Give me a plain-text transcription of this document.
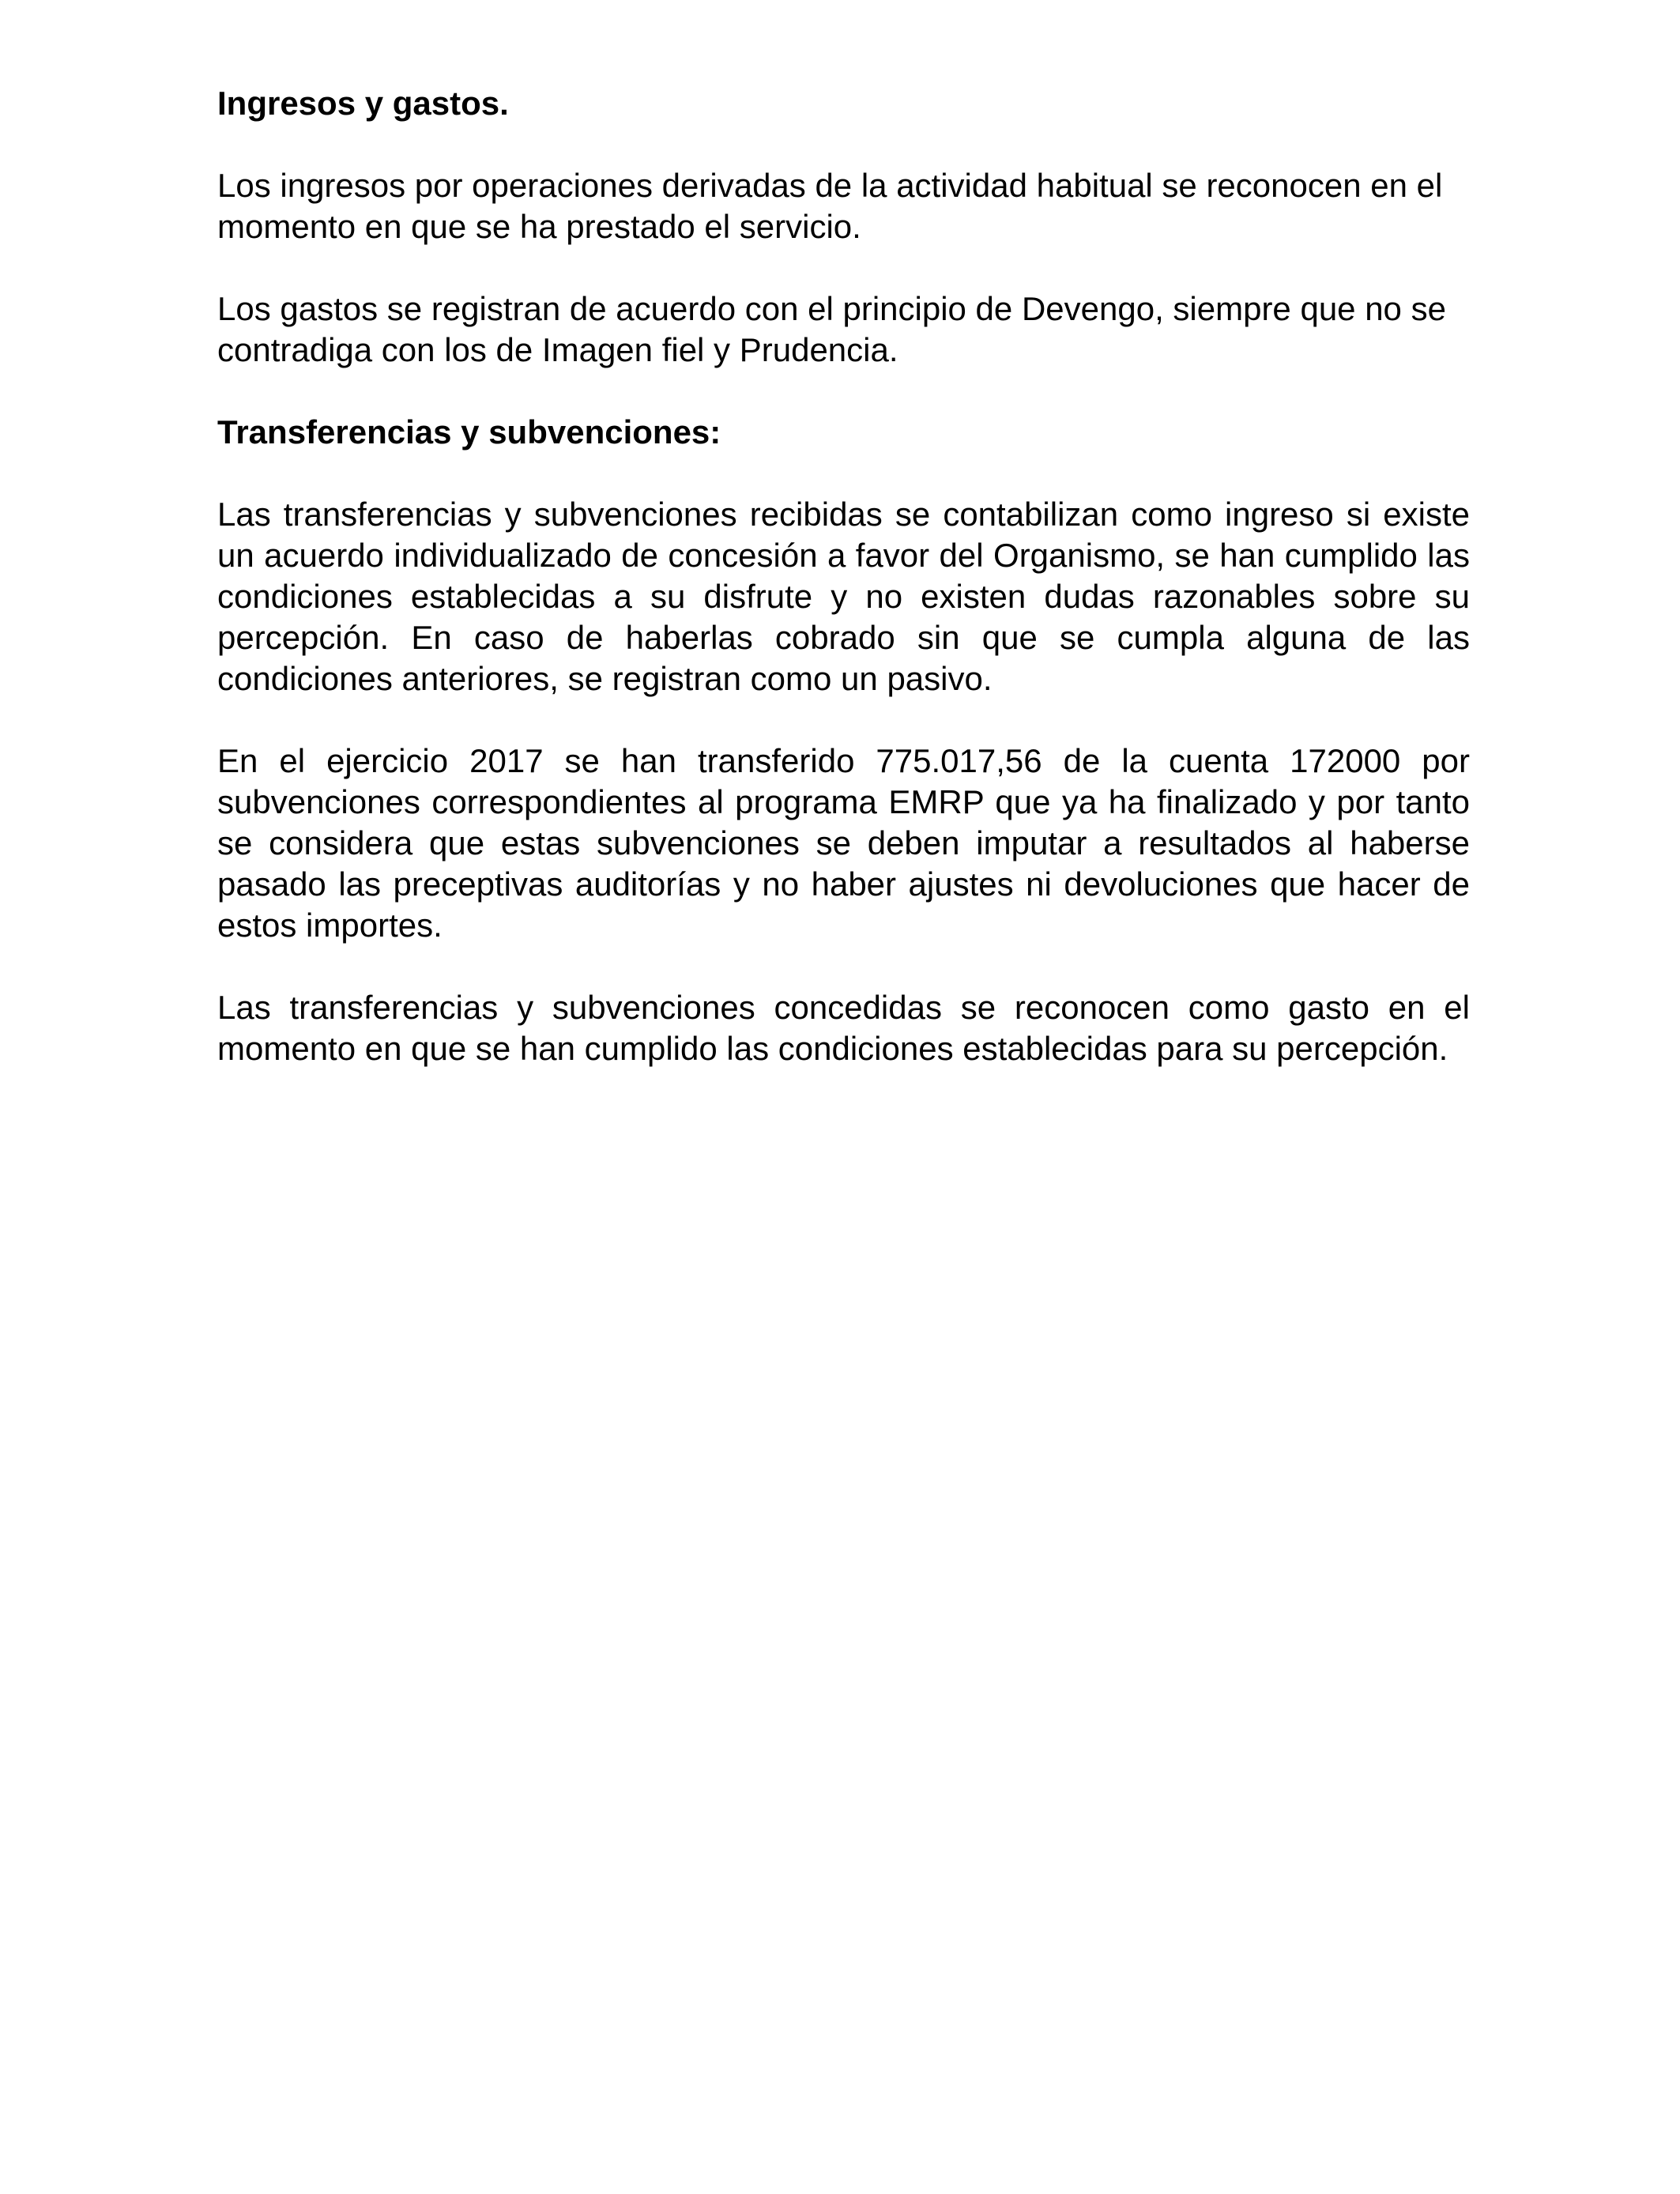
Ingresos y gastos.

Los ingresos por operaciones derivadas de la actividad habitual se reconocen en el momento en que se ha prestado el servicio.

Los gastos se registran de acuerdo con el principio de Devengo, siempre que no se contradiga con los de Imagen fiel y Prudencia.

Transferencias y subvenciones:

Las transferencias y subvenciones recibidas se contabilizan como ingreso si existe un acuerdo individualizado de concesión a favor del Organismo, se han cumplido las condiciones establecidas a su disfrute y no existen dudas razonables sobre su percepción. En caso de haberlas cobrado sin que se cumpla alguna de las condiciones anteriores, se registran como un pasivo.

En el ejercicio 2017 se han transferido 775.017,56 de la cuenta 172000 por subvenciones correspondientes al programa EMRP que ya ha finalizado y por tanto se considera que estas subvenciones se deben imputar a resultados al haberse pasado las preceptivas auditorías y no haber ajustes ni devoluciones que hacer de estos importes.

Las transferencias y subvenciones concedidas se reconocen como gasto en el momento en que se han cumplido las condiciones establecidas para su percepción.
